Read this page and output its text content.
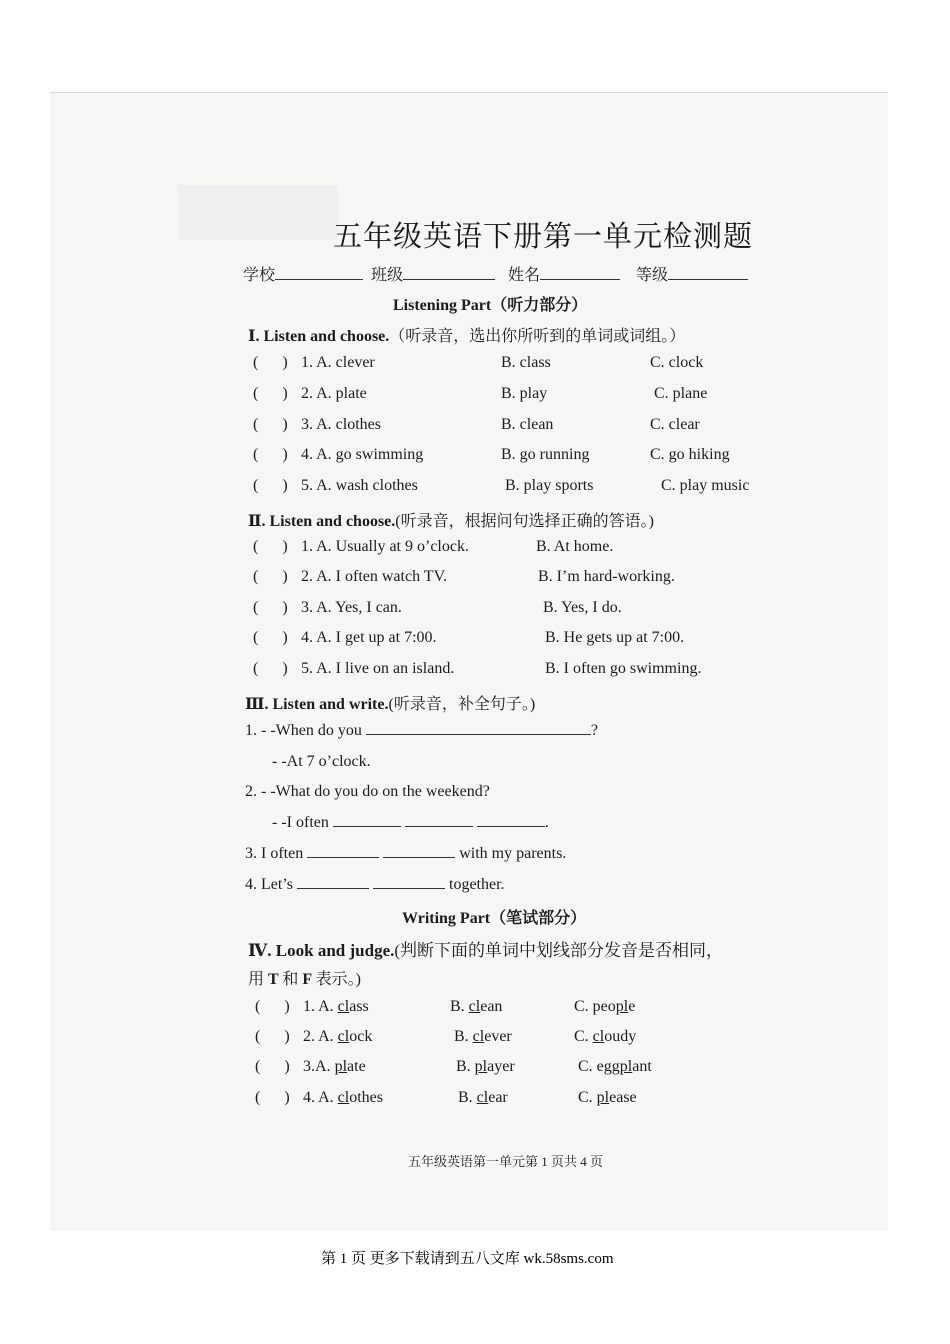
五年级英语下册第一单元检测题
学校	班级	姓名	等级
Listening Part（听力部分）
Ⅰ. Listen and choose.（听录音，选出你所听到的单词或词组。）
(      ) 1. A. clever	B. class	C. clock
(      ) 2. A. plate	B. play	C. plane
(      ) 3. A. clothes	B. clean	C. clear
(      ) 4. A. go swimming	B. go running	C. go hiking
(      ) 5. A. wash clothes	B. play sports	C. play music
Ⅱ. Listen and choose.(听录音，根据问句选择正确的答语。)
(      ) 1. A. Usually at 9 o’clock.	B. At home.
(      ) 2. A. I often watch TV.	B. I’m hard-working.
(      ) 3. A. Yes, I can.	B. Yes, I do.
(      ) 4. A. I get up at 7:00.	B. He gets up at 7:00.
(      ) 5. A. I live on an island.	B. I often go swimming.
Ⅲ. Listen and write.(听录音，补全句子。)
1. - -When do you	?
- -At 7 o’clock.
2. - -What do you do on the weekend?
- -I often	.
3. I often	with my parents.
4. Let’s	together.
Writing Part（笔试部分）
Ⅳ. Look and judge.(判断下面的单词中划线部分发音是否相同，
用 T 和 F 表示。)
(      ) 1. A. class	B. clean	C. people
(      ) 2. A. clock	B. clever	C. cloudy
(      ) 3.A. plate	B. player	C. eggplant
(      ) 4. A. clothes	B. clear	C. please
五年级英语第一单元第 1 页共 4 页
第 1 页 更多下载请到五八文库 wk.58sms.com
